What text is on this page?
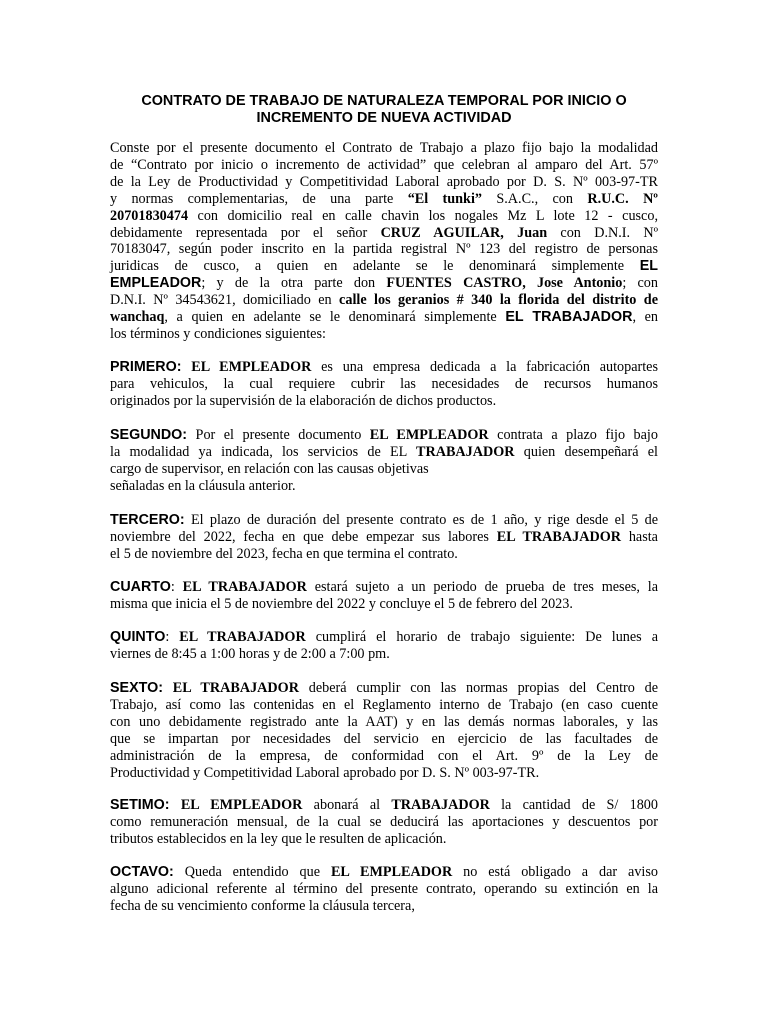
CONTRATO DE TRABAJO DE NATURALEZA TEMPORAL POR INICIO O
INCREMENTO DE NUEVA ACTIVIDAD
Conste por el presente documento el Contrato de Trabajo a plazo fijo bajo la modalidad
de “Contrato por inicio o incremento de actividad” que celebran al amparo del Art. 57º
de la Ley de Productividad y Competitividad Laboral aprobado por D. S. Nº 003-97-TR
y normas complementarias, de una parte “El tunki” S.A.C., con R.U.C. Nº
20701830474 con domicilio real en calle chavin los nogales Mz L lote 12 - cusco,
debidamente representada por el señor CRUZ AGUILAR, Juan con D.N.I. Nº
70183047, según poder inscrito en la partida registral Nº 123 del registro de personas
juridicas de cusco, a quien en adelante se le denominará simplemente EL
EMPLEADOR; y de la otra parte don FUENTES CASTRO, Jose Antonio; con
D.N.I. Nº 34543621, domiciliado en calle los geranios # 340 la florida del distrito de
wanchaq, a quien en adelante se le denominará simplemente EL TRABAJADOR, en
los términos y condiciones siguientes:
PRIMERO: EL EMPLEADOR es una empresa dedicada a la fabricación autopartes
para vehiculos, la cual requiere cubrir las necesidades de recursos humanos
originados por la supervisión de la elaboración de dichos productos.
SEGUNDO: Por el presente documento EL EMPLEADOR contrata a plazo fijo bajo
la modalidad ya indicada, los servicios de EL TRABAJADOR quien desempeñará el
cargo de supervisor, en relación con las causas objetivas
señaladas en la cláusula anterior.
TERCERO: El plazo de duración del presente contrato es de 1 año, y rige desde el 5 de
noviembre del 2022, fecha en que debe empezar sus labores EL TRABAJADOR hasta
el 5 de noviembre del 2023, fecha en que termina el contrato.
CUARTO: EL TRABAJADOR estará sujeto a un periodo de prueba de tres meses, la
misma que inicia el 5 de noviembre del 2022 y concluye el 5 de febrero del 2023.
QUINTO: EL TRABAJADOR cumplirá el horario de trabajo siguiente: De lunes a
viernes de 8:45 a 1:00 horas y de 2:00 a 7:00 pm.
SEXTO: EL TRABAJADOR deberá cumplir con las normas propias del Centro de
Trabajo, así como las contenidas en el Reglamento interno de Trabajo (en caso cuente
con uno debidamente registrado ante la AAT) y en las demás normas laborales, y las
que se impartan por necesidades del servicio en ejercicio de las facultades de
administración de la empresa, de conformidad con el Art. 9º de la Ley de
Productividad y Competitividad Laboral aprobado por D. S. Nº 003-97-TR.
SETIMO: EL EMPLEADOR abonará al TRABAJADOR la cantidad de S/ 1800
como remuneración mensual, de la cual se deducirá las aportaciones y descuentos por
tributos establecidos en la ley que le resulten de aplicación.
OCTAVO: Queda entendido que EL EMPLEADOR no está obligado a dar aviso
alguno adicional referente al término del presente contrato, operando su extinción en la
fecha de su vencimiento conforme la cláusula tercera,
